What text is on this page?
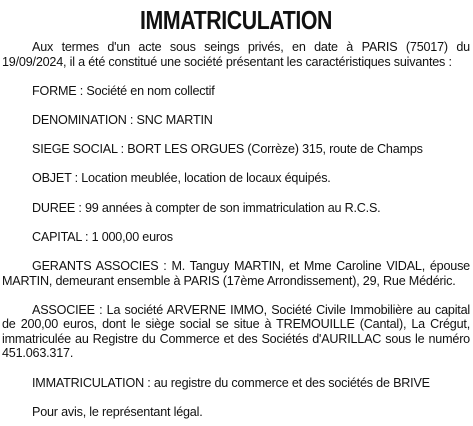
IMMATRICULATION

Aux termes d'un acte sous seings privés, en date à PARIS (75017) du 19/09/2024, il a été constitué une société présentant les caractéristiques suivantes :

FORME : Société en nom collectif

DENOMINATION : SNC MARTIN

SIEGE SOCIAL : BORT LES ORGUES (Corrèze) 315, route de Champs

OBJET : Location meublée, location de locaux équipés.

DUREE : 99 années à compter de son immatriculation au R.C.S.

CAPITAL : 1 000,00 euros

GERANTS ASSOCIES : M. Tanguy MARTIN, et Mme Caroline VIDAL, épouse MARTIN, demeurant ensemble à PARIS (17ème Arrondissement), 29, Rue Médéric.

ASSOCIEE : La société ARVERNE IMMO, Société Civile Immobilière au capital de 200,00 euros, dont le siège social se situe à TREMOUILLE (Cantal), La Crégut, immatriculée au Registre du Commerce et des Sociétés d'AURILLAC sous le numéro 451.063.317.

IMMATRICULATION : au registre du commerce et des sociétés de BRIVE

Pour avis, le représentant légal.
